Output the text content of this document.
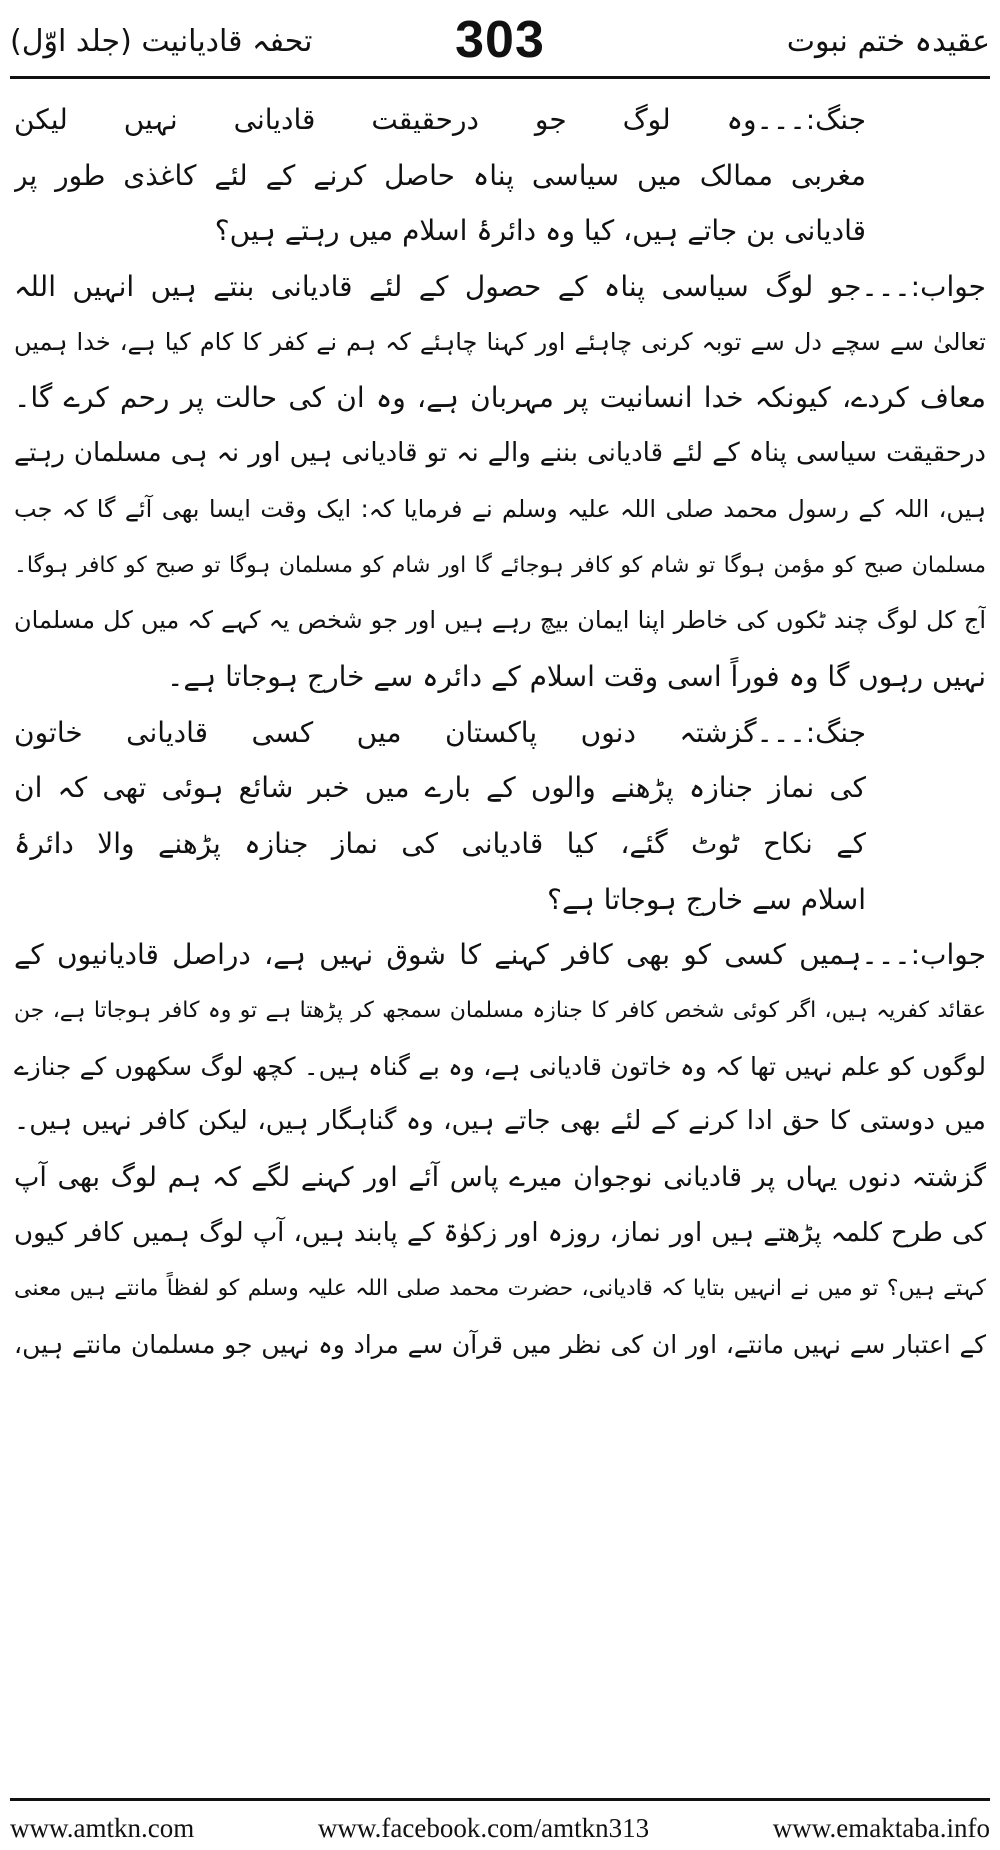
تحفہ قادیانیت (جلد اوّل)	303	عقیدہ ختم نبوت
جنگ:۔۔۔وہ لوگ جو درحقیقت قادیانی نہیں لیکن
مغربی ممالک میں سیاسی پناہ حاصل کرنے کے لئے کاغذی طور پر
قادیانی بن جاتے ہیں، کیا وہ دائرۂ اسلام میں رہتے ہیں؟
جواب:۔۔۔جو لوگ سیاسی پناہ کے حصول کے لئے قادیانی بنتے ہیں انہیں اللہ
تعالیٰ سے سچے دل سے توبہ کرنی چاہئے اور کہنا چاہئے کہ ہم نے کفر کا کام کیا ہے، خدا ہمیں
معاف کردے، کیونکہ خدا انسانیت پر مہربان ہے، وہ ان کی حالت پر رحم کرے گا۔
درحقیقت سیاسی پناہ کے لئے قادیانی بننے والے نہ تو قادیانی ہیں اور نہ ہی مسلمان رہتے
ہیں، اللہ کے رسول محمد صلی اللہ علیہ وسلم نے فرمایا کہ: ایک وقت ایسا بھی آئے گا کہ جب
مسلمان صبح کو مؤمن ہوگا تو شام کو کافر ہوجائے گا اور شام کو مسلمان ہوگا تو صبح کو کافر ہوگا۔
آج کل لوگ چند ٹکوں کی خاطر اپنا ایمان بیچ رہے ہیں اور جو شخص یہ کہے کہ میں کل مسلمان
نہیں رہوں گا وہ فوراً اسی وقت اسلام کے دائرہ سے خارج ہوجاتا ہے۔
جنگ:۔۔۔گزشتہ دنوں پاکستان میں کسی قادیانی خاتون
کی نماز جنازہ پڑھنے والوں کے بارے میں خبر شائع ہوئی تھی کہ ان
کے نکاح ٹوٹ گئے، کیا قادیانی کی نماز جنازہ پڑھنے والا دائرۂ
اسلام سے خارج ہوجاتا ہے؟
جواب:۔۔۔ہمیں کسی کو بھی کافر کہنے کا شوق نہیں ہے، دراصل قادیانیوں کے
عقائد کفریہ ہیں، اگر کوئی شخص کافر کا جنازہ مسلمان سمجھ کر پڑھتا ہے تو وہ کافر ہوجاتا ہے، جن
لوگوں کو علم نہیں تھا کہ وہ خاتون قادیانی ہے، وہ بے گناہ ہیں۔ کچھ لوگ سکھوں کے جنازے
میں دوستی کا حق ادا کرنے کے لئے بھی جاتے ہیں، وہ گناہگار ہیں، لیکن کافر نہیں ہیں۔
گزشتہ دنوں یہاں پر قادیانی نوجوان میرے پاس آئے اور کہنے لگے کہ ہم لوگ بھی آپ
کی طرح کلمہ پڑھتے ہیں اور نماز، روزہ اور زکوٰۃ کے پابند ہیں، آپ لوگ ہمیں کافر کیوں
کہتے ہیں؟ تو میں نے انہیں بتایا کہ قادیانی، حضرت محمد صلی اللہ علیہ وسلم کو لفظاً مانتے ہیں معنی
کے اعتبار سے نہیں مانتے، اور ان کی نظر میں قرآن سے مراد وہ نہیں جو مسلمان مانتے ہیں،
www.amtkn.com	www.facebook.com/amtkn313	www.emaktaba.info
